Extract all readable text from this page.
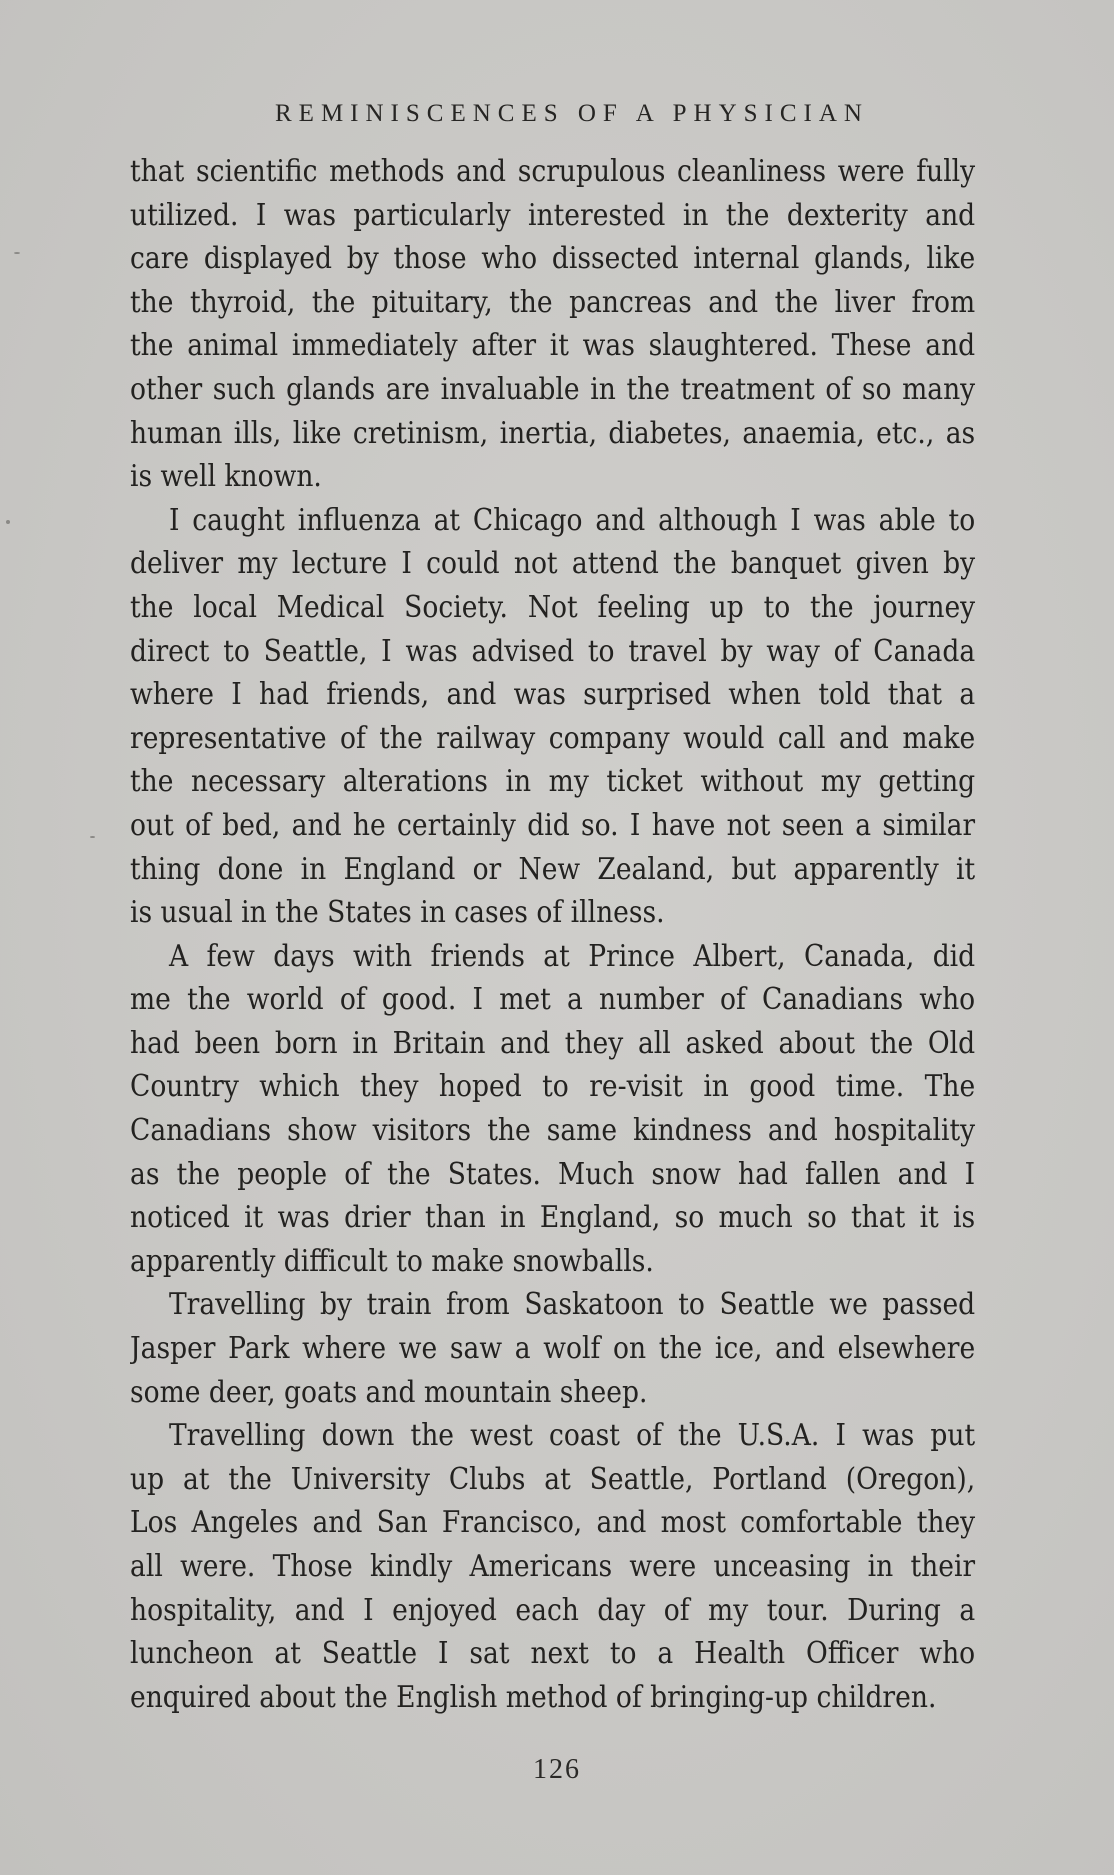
REMINISCENCES OF A PHYSICIAN
that scientific methods and scrupulous cleanliness were fully
utilized. I was particularly interested in the dexterity and
care displayed by those who dissected internal glands, like
the thyroid, the pituitary, the pancreas and the liver from
the animal immediately after it was slaughtered. These and
other such glands are invaluable in the treatment of so many
human ills, like cretinism, inertia, diabetes, anaemia, etc., as
is well known.
I caught influenza at Chicago and although I was able to
deliver my lecture I could not attend the banquet given by
the local Medical Society. Not feeling up to the journey
direct to Seattle, I was advised to travel by way of Canada
where I had friends, and was surprised when told that a
representative of the railway company would call and make
the necessary alterations in my ticket without my getting
out of bed, and he certainly did so. I have not seen a similar
thing done in England or New Zealand, but apparently it
is usual in the States in cases of illness.
A few days with friends at Prince Albert, Canada, did
me the world of good. I met a number of Canadians who
had been born in Britain and they all asked about the Old
Country which they hoped to re-visit in good time. The
Canadians show visitors the same kindness and hospitality
as the people of the States. Much snow had fallen and I
noticed it was drier than in England, so much so that it is
apparently difficult to make snowballs.
Travelling by train from Saskatoon to Seattle we passed
Jasper Park where we saw a wolf on the ice, and elsewhere
some deer, goats and mountain sheep.
Travelling down the west coast of the U.S.A. I was put
up at the University Clubs at Seattle, Portland (Oregon),
Los Angeles and San Francisco, and most comfortable they
all were. Those kindly Americans were unceasing in their
hospitality, and I enjoyed each day of my tour. During a
luncheon at Seattle I sat next to a Health Officer who
enquired about the English method of bringing-up children.
126
